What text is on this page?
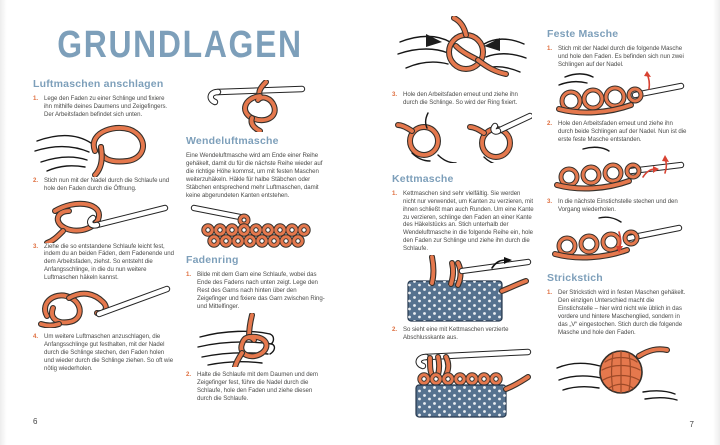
GRUNDLAGEN
Luftmaschen anschlagen
1. Lege den Faden zu einer Schlinge und fixiere ihn mithilfe deines Daumens und Zeigefingers. Der Arbeitsfaden befindet sich unten.
2. Stich nun mit der Nadel durch die Schlaufe und hole den Faden durch die Öffnung.
3. Ziehe die so entstandene Schlaufe leicht fest, indem du an beiden Fäden, dem Fadenende und dem Arbeitsfaden, ziehst. So entsteht die Anfangsschlinge, in die du nun weitere Luftmaschen häkeln kannst.
4. Um weitere Luftmaschen anzuschlagen, die Anfangsschlinge gut festhalten, mit der Nadel durch die Schlinge stechen, den Faden holen und wieder durch die Schlinge ziehen. So oft wie nötig wiederholen.
Wendeluftmasche

Eine Wendeluftmasche wird am Ende einer Reihe gehäkelt, damit du für die nächste Reihe wieder auf die richtige Höhe kommst, um mit festen Maschen weiterzuhäkeln. Häkle für halbe Stäbchen oder Stäbchen entsprechend mehr Luftmaschen, damit keine abgerundeten Kanten entstehen.

Fadenring
1. Bilde mit dem Garn eine Schlaufe, wobei das Ende des Fadens nach unten zeigt. Lege den Rest des Garns nach hinten über den Zeigefinger und fixiere das Garn zwischen Ring- und Mittelfinger.
2. Halte die Schlaufe mit dem Daumen und dem Zeigefinger fest, führe die Nadel durch die Schlaufe, hole den Faden und ziehe diesen durch die Schlaufe.
3. Hole den Arbeitsfaden erneut und ziehe ihn durch die Schlinge. So wird der Ring fixiert.
Kettmasche
1. Kettmaschen sind sehr vielfältig. Sie werden nicht nur verwendet, um Kanten zu verzieren, mit ihnen schließt man auch Runden. Um eine Kante zu verzieren, schlinge den Faden an einer Kante des Häkelstücks an. Stich unterhalb der Wendeluftmasche in die folgende Reihe ein, hole den Faden zur Schlinge und ziehe ihn durch die Schlaufe.
2. So sieht eine mit Kettmaschen verzierte Abschlusskante aus.
Feste Masche
1. Stich mit der Nadel durch die folgende Masche und hole den Faden. Es befinden sich nun zwei Schlingen auf der Nadel.
2. Hole den Arbeitsfaden erneut und ziehe ihn durch beide Schlingen auf der Nadel. Nun ist die erste feste Masche entstanden.
3. In die nächste Einstichstelle stechen und den Vorgang wiederholen.
Strickstich
1. Der Strickstich wird in festen Maschen gehäkelt. Den einzigen Unterschied macht die Einstichstelle – hier wird nicht wie üblich in das vordere und hintere Maschenglied, sondern in das „V“ eingestochen. Stich durch die folgende Masche und hole den Faden.
6	7
